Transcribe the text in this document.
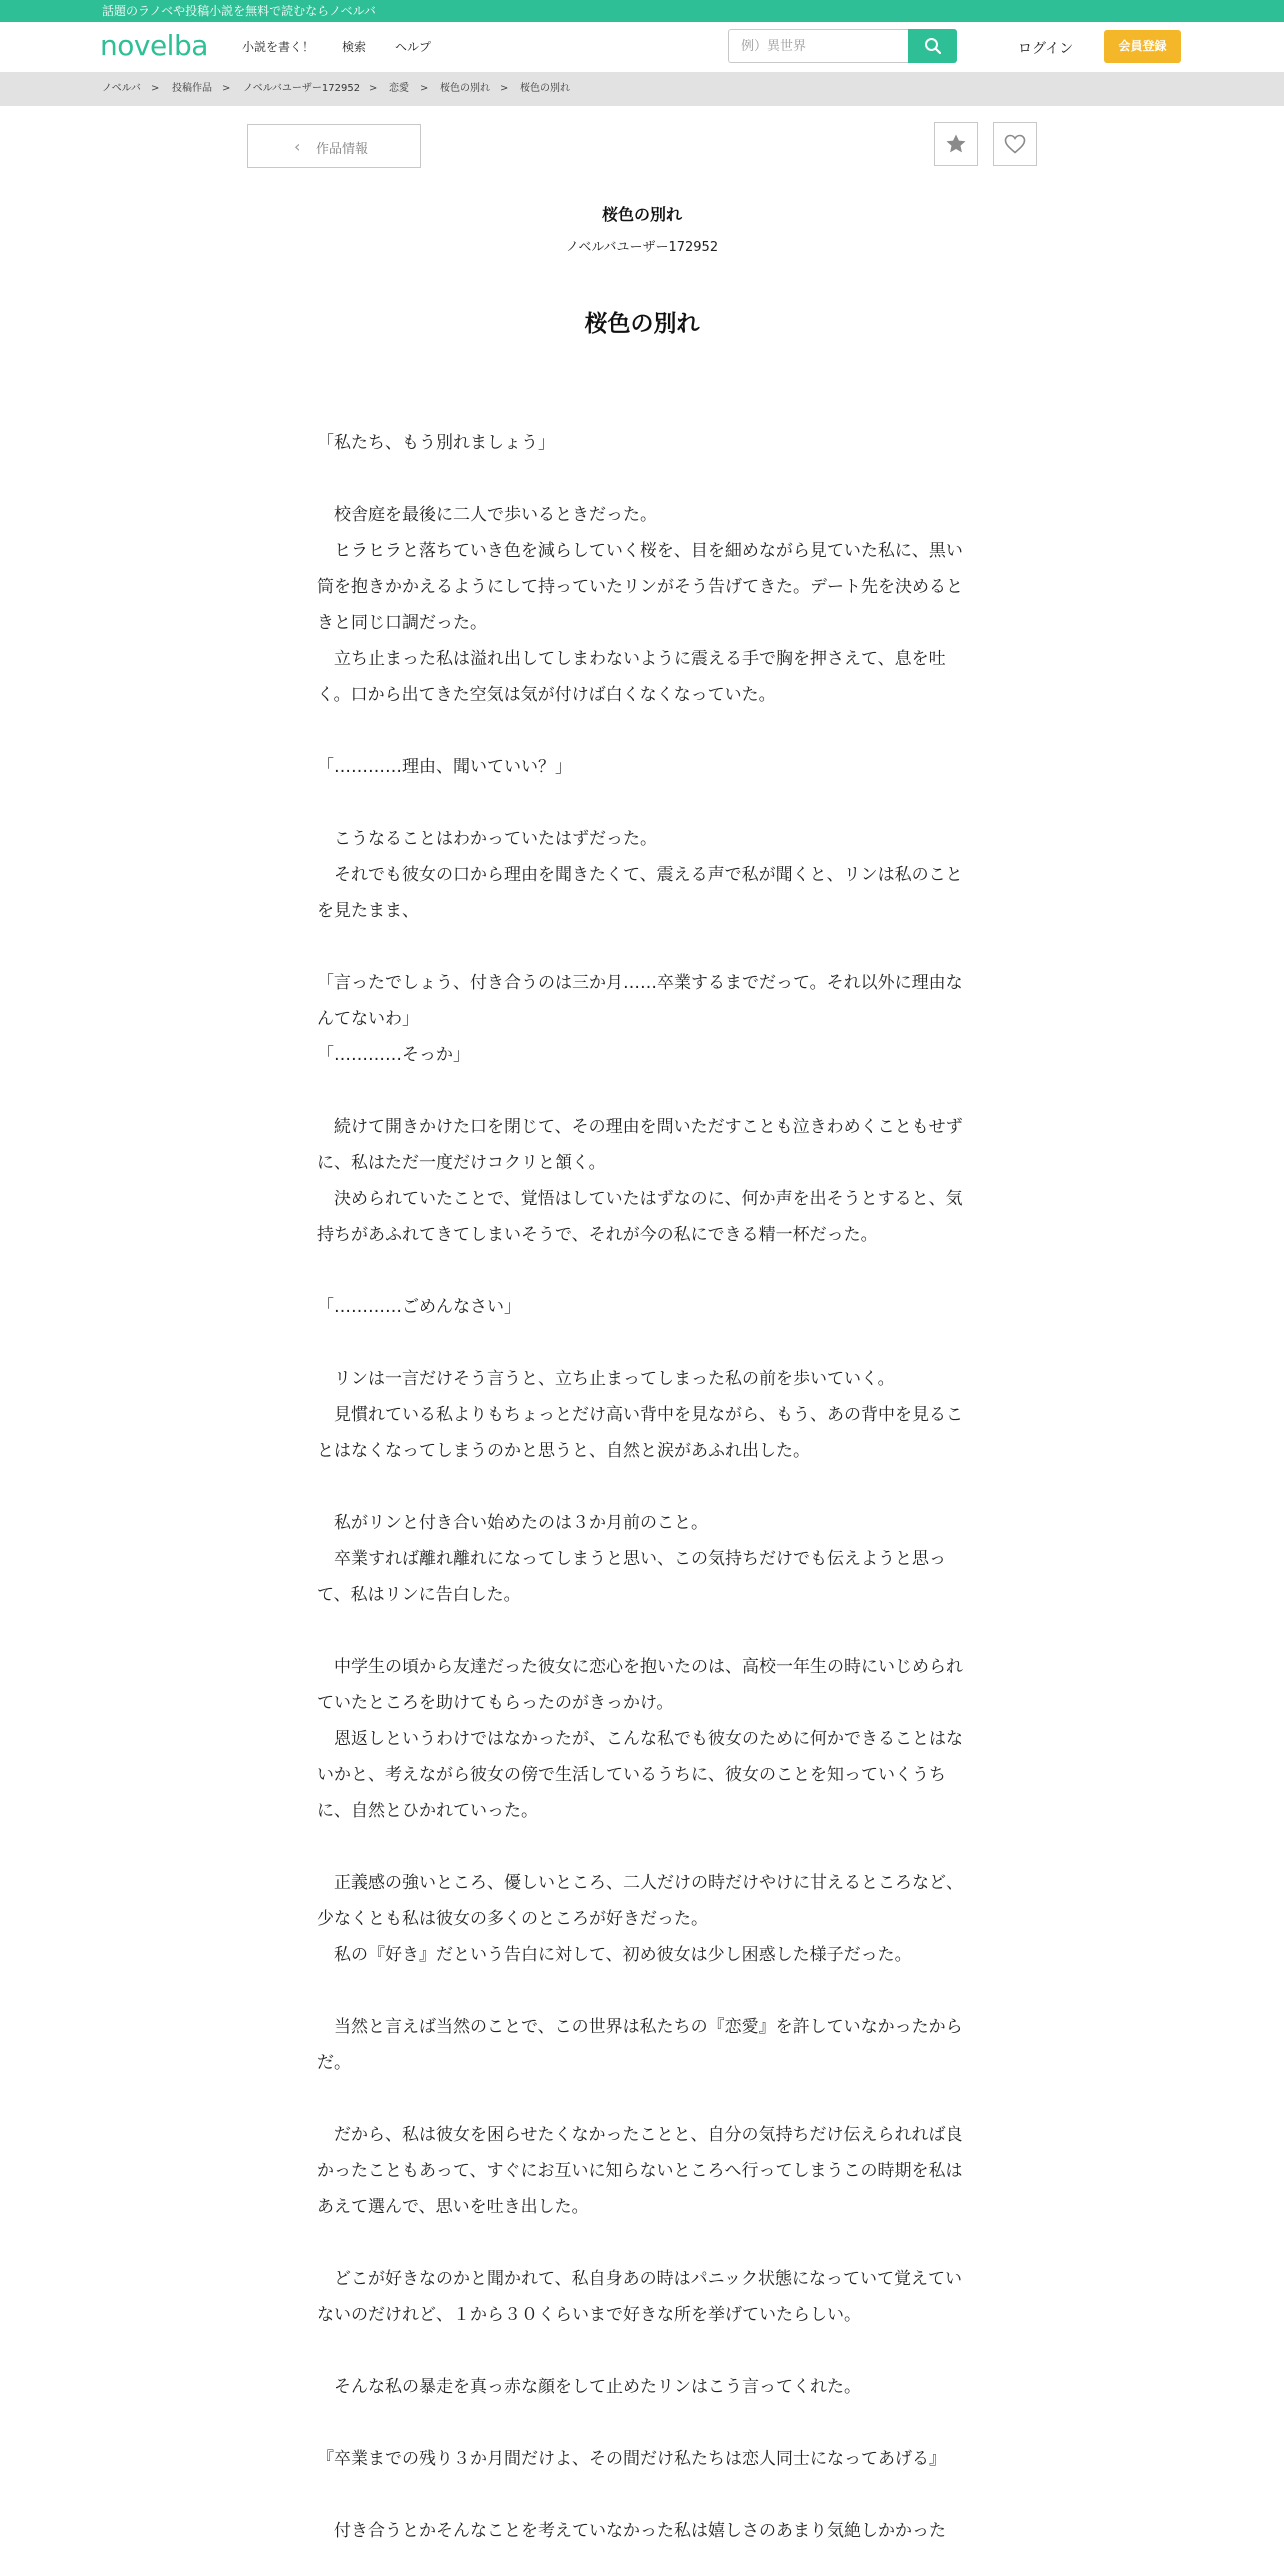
話題のラノベや投稿小説を無料で読むならノベルバ
novelba	小説を書く！ 検索 ヘルプ
例）異世界	ログイン	会員登録
ノベルバ > 投稿作品 > ノベルバユーザー172952 > 恋愛 > 桜色の別れ > 桜色の別れ
‹ 作品情報
桜色の別れ
ノベルバユーザー172952
桜色の別れ

「私たち、もう別れましょう」

　校舎庭を最後に二人で歩いるときだった。

　ヒラヒラと落ちていき色を減らしていく桜を、目を細めながら見ていた私に、黒い筒を抱きかかえるようにして持っていたリンがそう告げてきた。デート先を決めるときと同じ口調だった。

　立ち止まった私は溢れ出してしまわないように震える手で胸を押さえて、息を吐く。口から出てきた空気は気が付けば白くなくなっていた。

「…………理由、聞いていい？」

　こうなることはわかっていたはずだった。

　それでも彼女の口から理由を聞きたくて、震える声で私が聞くと、リンは私のことを見たまま、

「言ったでしょう、付き合うのは三か月……卒業するまでだって。それ以外に理由なんてないわ」

「…………そっか」

　続けて開きかけた口を閉じて、その理由を問いただすことも泣きわめくこともせずに、私はただ一度だけコクリと頷く。

　決められていたことで、覚悟はしていたはずなのに、何か声を出そうとすると、気持ちがあふれてきてしまいそうで、それが今の私にできる精一杯だった。

「…………ごめんなさい」

　リンは一言だけそう言うと、立ち止まってしまった私の前を歩いていく。

　見慣れている私よりもちょっとだけ高い背中を見ながら、もう、あの背中を見ることはなくなってしまうのかと思うと、自然と涙があふれ出した。

　私がリンと付き合い始めたのは３か月前のこと。

　卒業すれば離れ離れになってしまうと思い、この気持ちだけでも伝えようと思って、私はリンに告白した。

　中学生の頃から友達だった彼女に恋心を抱いたのは、高校一年生の時にいじめられていたところを助けてもらったのがきっかけ。

　恩返しというわけではなかったが、こんな私でも彼女のために何かできることはないかと、考えながら彼女の傍で生活しているうちに、彼女のことを知っていくうちに、自然とひかれていった。

　正義感の強いところ、優しいところ、二人だけの時だけやけに甘えるところなど、少なくとも私は彼女の多くのところが好きだった。

　私の『好き』だという告白に対して、初め彼女は少し困惑した様子だった。

　当然と言えば当然のことで、この世界は私たちの『恋愛』を許していなかったからだ。

　だから、私は彼女を困らせたくなかったことと、自分の気持ちだけ伝えられれば良かったこともあって、すぐにお互いに知らないところへ行ってしまうこの時期を私はあえて選んで、思いを吐き出した。

　どこが好きなのかと聞かれて、私自身あの時はパニック状態になっていて覚えていないのだけれど、１から３０くらいまで好きな所を挙げていたらしい。

　そんな私の暴走を真っ赤な顔をして止めたリンはこう言ってくれた。

『卒業までの残り３か月間だけよ、その間だけ私たちは恋人同士になってあげる』

　付き合うとかそんなことを考えていなかった私は嬉しさのあまり気絶しかかった
